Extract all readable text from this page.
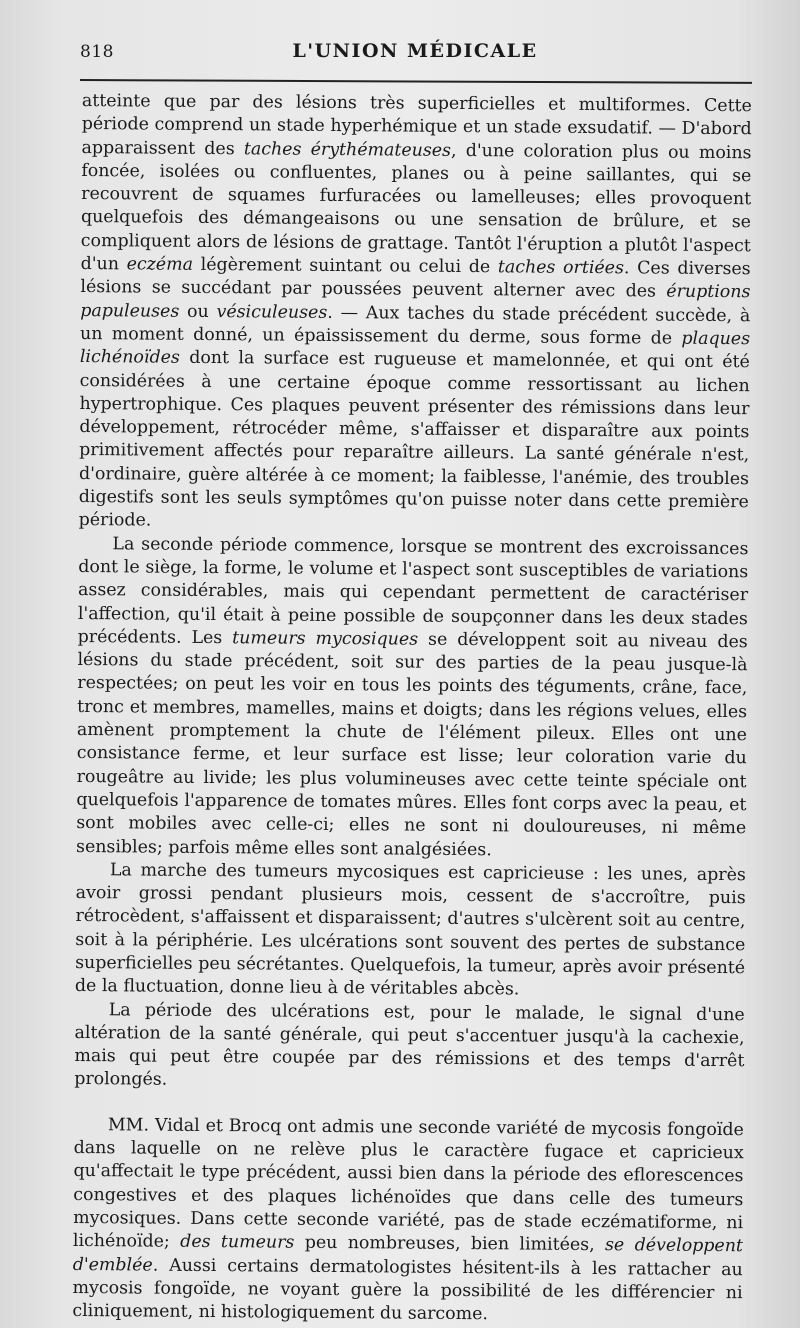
818	L'UNION MÉDICALE

atteinte que par des lésions très superficielles et multiformes. Cette période comprend un stade hyperhémique et un stade exsudatif. — D'abord apparaissent des taches érythémateuses, d'une coloration plus ou moins foncée, isolées ou confluentes, planes ou à peine saillantes, qui se recouvrent de squames furfuracées ou lamelleuses; elles provoquent quelquefois des démangeaisons ou une sensation de brûlure, et se compliquent alors de lésions de grattage. Tantôt l'éruption a plutôt l'aspect d'un eczéma légèrement suintant ou celui de taches ortiées. Ces diverses lésions se succédant par poussées peuvent alterner avec des éruptions papuleuses ou vésiculeuses. — Aux taches du stade précédent succède, à un moment donné, un épaississement du derme, sous forme de plaques lichénoïdes dont la surface est rugueuse et mamelonnée, et qui ont été considérées à une certaine époque comme ressortissant au lichen hypertrophique. Ces plaques peuvent présenter des rémissions dans leur développement, rétrocéder même, s'affaisser et disparaître aux points primitivement affectés pour reparaître ailleurs. La santé générale n'est, d'ordinaire, guère altérée à ce moment; la faiblesse, l'anémie, des troubles digestifs sont les seuls symptômes qu'on puisse noter dans cette première période.

La seconde période commence, lorsque se montrent des excroissances dont le siège, la forme, le volume et l'aspect sont susceptibles de variations assez considérables, mais qui cependant permettent de caractériser l'affection, qu'il était à peine possible de soupçonner dans les deux stades précédents. Les tumeurs mycosiques se développent soit au niveau des lésions du stade précédent, soit sur des parties de la peau jusque-là respectées; on peut les voir en tous les points des téguments, crâne, face, tronc et membres, mamelles, mains et doigts; dans les régions velues, elles amènent promptement la chute de l'élément pileux. Elles ont une consistance ferme, et leur surface est lisse; leur coloration varie du rougeâtre au livide; les plus volumineuses avec cette teinte spéciale ont quelquefois l'apparence de tomates mûres. Elles font corps avec la peau, et sont mobiles avec celle-ci; elles ne sont ni douloureuses, ni même sensibles; parfois même elles sont analgésiées.

La marche des tumeurs mycosiques est capricieuse : les unes, après avoir grossi pendant plusieurs mois, cessent de s'accroître, puis rétrocèdent, s'affaissent et disparaissent; d'autres s'ulcèrent soit au centre, soit à la périphérie. Les ulcérations sont souvent des pertes de substance superficielles peu sécrétantes. Quelquefois, la tumeur, après avoir présenté de la fluctuation, donne lieu à de véritables abcès.

La période des ulcérations est, pour le malade, le signal d'une altération de la santé générale, qui peut s'accentuer jusqu'à la cachexie, mais qui peut être coupée par des rémissions et des temps d'arrêt prolongés.

MM. Vidal et Brocq ont admis une seconde variété de mycosis fongoïde dans laquelle on ne relève plus le caractère fugace et capricieux qu'affectait le type précédent, aussi bien dans la période des eflorescences congestives et des plaques lichénoïdes que dans celle des tumeurs mycosiques. Dans cette seconde variété, pas de stade eczématiforme, ni lichénoïde; des tumeurs peu nombreuses, bien limitées, se développent d'emblée. Aussi certains dermatologistes hésitent-ils à les rattacher au mycosis fongoïde, ne voyant guère la possibilité de les différencier ni cliniquement, ni histologiquement du sarcome.
